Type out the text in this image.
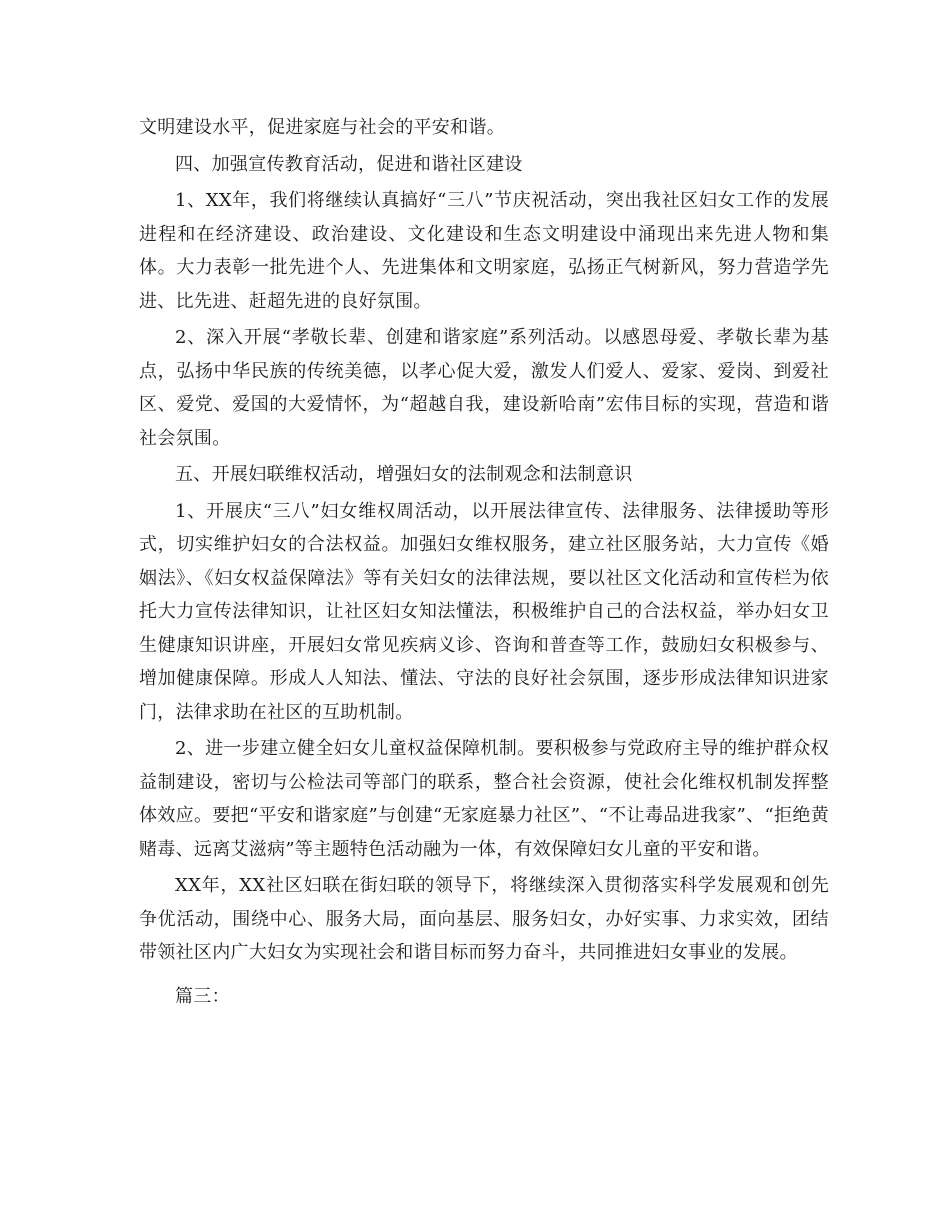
文明建设水平，促进家庭与社会的平安和谐。

四、加强宣传教育活动，促进和谐社区建设

1、XX年，我们将继续认真搞好“三八”节庆祝活动，突出我社区妇女工作的发展进程和在经济建设、政治建设、文化建设和生态文明建设中涌现出来先进人物和集体。大力表彰一批先进个人、先进集体和文明家庭，弘扬正气树新风，努力营造学先进、比先进、赶超先进的良好氛围。

2、深入开展“孝敬长辈、创建和谐家庭”系列活动。以感恩母爱、孝敬长辈为基点，弘扬中华民族的传统美德，以孝心促大爱，激发人们爱人、爱家、爱岗、到爱社区、爱党、爱国的大爱情怀，为“超越自我，建设新哈南”宏伟目标的实现，营造和谐社会氛围。

五、开展妇联维权活动，增强妇女的法制观念和法制意识

1、开展庆“三八”妇女维权周活动，以开展法律宣传、法律服务、法律援助等形式，切实维护妇女的合法权益。加强妇女维权服务，建立社区服务站，大力宣传《婚姻法》、《妇女权益保障法》等有关妇女的法律法规，要以社区文化活动和宣传栏为依托大力宣传法律知识，让社区妇女知法懂法，积极维护自己的合法权益，举办妇女卫生健康知识讲座，开展妇女常见疾病义诊、咨询和普查等工作，鼓励妇女积极参与、增加健康保障。形成人人知法、懂法、守法的良好社会氛围，逐步形成法律知识进家门，法律求助在社区的互助机制。

2、进一步建立健全妇女儿童权益保障机制。要积极参与党政府主导的维护群众权益制建设，密切与公检法司等部门的联系，整合社会资源，使社会化维权机制发挥整体效应。要把“平安和谐家庭”与创建“无家庭暴力社区”、“不让毒品进我家”、“拒绝黄赌毒、远离艾滋病”等主题特色活动融为一体，有效保障妇女儿童的平安和谐。

XX年，XX社区妇联在街妇联的领导下，将继续深入贯彻落实科学发展观和创先争优活动，围绕中心、服务大局，面向基层、服务妇女，办好实事、力求实效，团结带领社区内广大妇女为实现社会和谐目标而努力奋斗，共同推进妇女事业的发展。

篇三：
